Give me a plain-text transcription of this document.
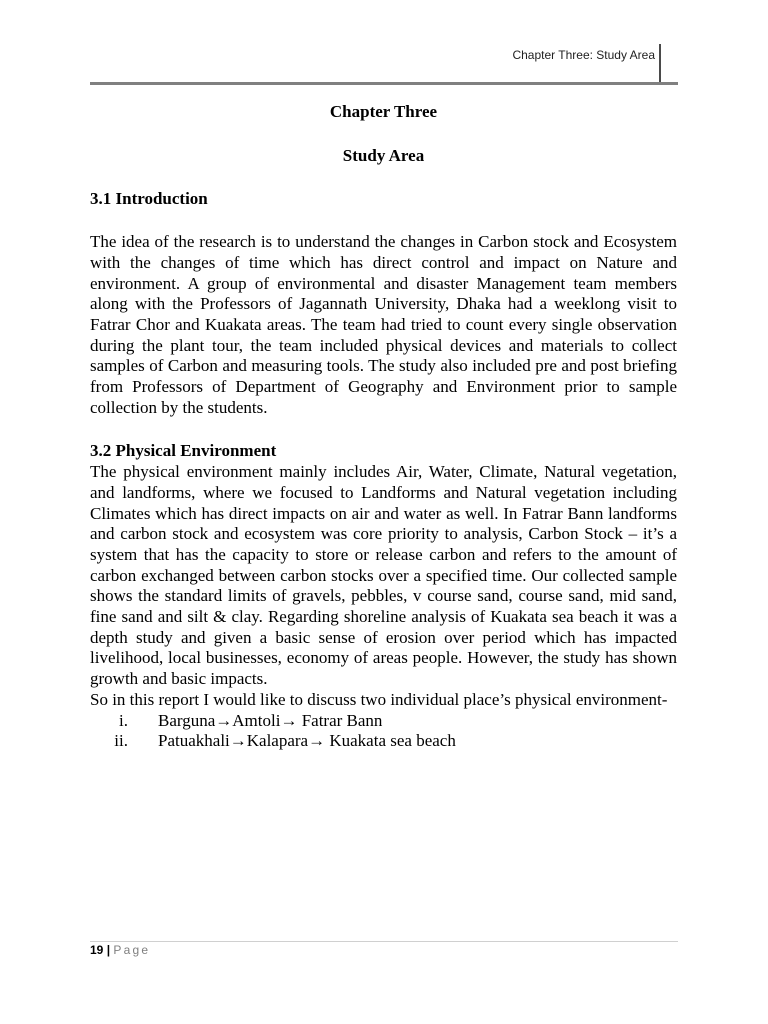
Chapter Three: Study Area

Chapter Three

Study Area

3.1 Introduction

The idea of the research is to understand the changes in Carbon stock and Ecosystem with the changes of time which has direct control and impact on Nature and environment. A group of environmental and disaster Management team members along with the Professors of Jagannath University, Dhaka had a weeklong visit to Fatrar Chor and Kuakata areas. The team had tried to count every single observation during the plant tour, the team included physical devices and materials to collect samples of Carbon and measuring tools. The study also included pre and post briefing from Professors of Department of Geography and Environment prior to sample collection by the students.

3.2 Physical Environment

The physical environment mainly includes Air, Water, Climate, Natural vegetation, and landforms, where we focused to Landforms and Natural vegetation including Climates which has direct impacts on air and water as well. In Fatrar Bann landforms and carbon stock and ecosystem was core priority to analysis, Carbon Stock – it’s a system that has the capacity to store or release carbon and refers to the amount of carbon exchanged between carbon stocks over a specified time. Our collected sample shows the standard limits of gravels, pebbles, v course sand, course sand, mid sand, fine sand and silt & clay. Regarding shoreline analysis of Kuakata sea beach it was a depth study and given a basic sense of erosion over period which has impacted livelihood, local businesses, economy of areas people. However, the study has shown growth and basic impacts.

So in this report I would like to discuss two individual place’s physical environment-

i. Barguna→Amtoli→ Fatrar Bann
ii. Patuakhali→Kalapara→ Kuakata sea beach
19 | Page
